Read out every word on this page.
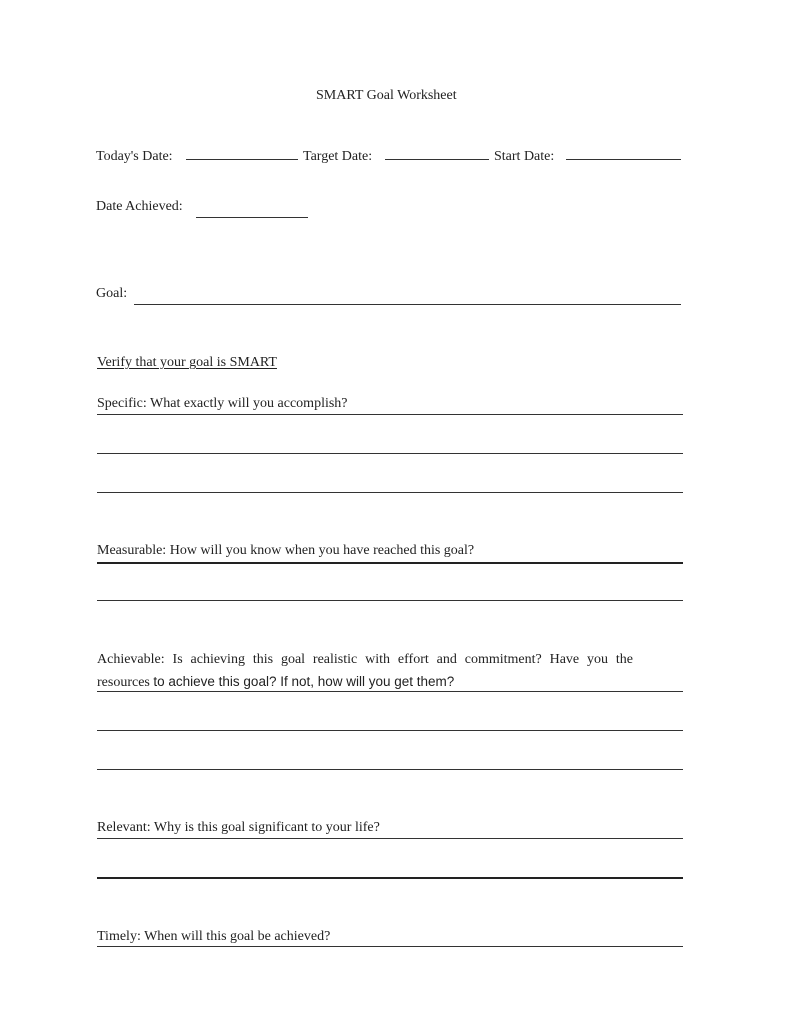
SMART Goal Worksheet
Today's Date:	Target Date:	Start Date:
Date Achieved:
Goal:
Verify that your goal is SMART
Specific: What exactly will you accomplish?
Measurable: How will you know when you have reached this goal?
Achievable: Is achieving this goal realistic with effort and commitment? Have you the
resources to achieve this goal? If not, how will you get them?
Relevant: Why is this goal significant to your life?
Timely: When will this goal be achieved?
